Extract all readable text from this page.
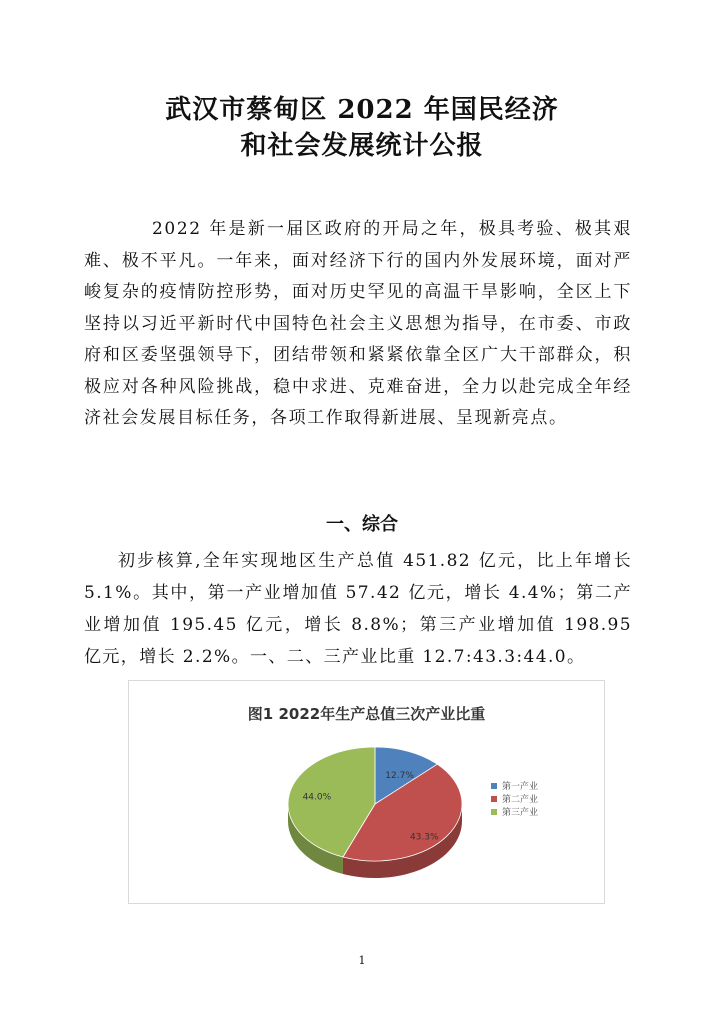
武汉市蔡甸区 2022 年国民经济
和社会发展统计公报
2022 年是新一届区政府的开局之年，极具考验、极其艰难、极不平凡。一年来，面对经济下行的国内外发展环境，面对严峻复杂的疫情防控形势，面对历史罕见的高温干旱影响，全区上下坚持以习近平新时代中国特色社会主义思想为指导，在市委、市政府和区委坚强领导下，团结带领和紧紧依靠全区广大干部群众，积极应对各种风险挑战，稳中求进、克难奋进，全力以赴完成全年经济社会发展目标任务，各项工作取得新进展、呈现新亮点。
一、综合
初步核算,全年实现地区生产总值 451.82 亿元，比上年增长 5.1%。其中，第一产业增加值 57.42 亿元，增长 4.4%；第二产业增加值 195.45 亿元，增长 8.8%；第三产业增加值 198.95 亿元，增长 2.2%。一、二、三产业比重 12.7:43.3:44.0。
图1 2022年生产总值三次产业比重
12.7%
43.3%
44.0%
第一产业
第二产业
第三产业
1
